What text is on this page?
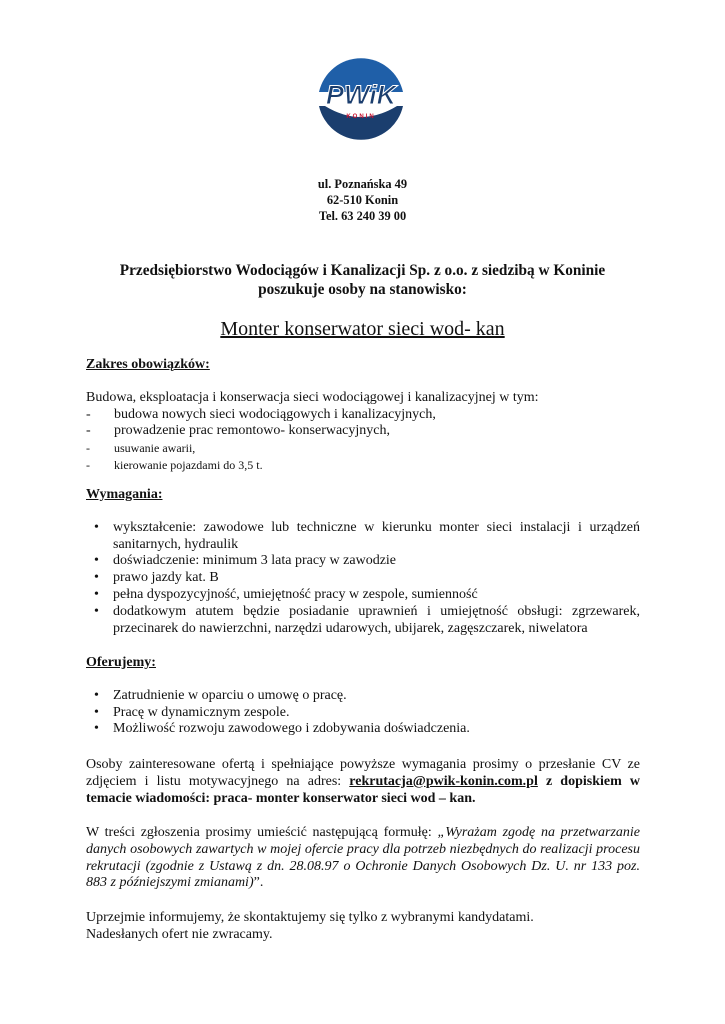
PWiK
KONIN
ul. Poznańska 49
62-510 Konin
Tel. 63 240 39 00
Przedsiębiorstwo Wodociągów i Kanalizacji Sp. z o.o. z siedzibą w Koninie
poszukuje osoby na stanowisko:
Monter konserwator sieci wod- kan
Zakres obowiązków:
Budowa, eksploatacja i konserwacja sieci wodociągowej i kanalizacyjnej w tym:
- budowa nowych sieci wodociągowych i kanalizacyjnych,
- prowadzenie prac remontowo- konserwacyjnych,
- usuwanie awarii,
- kierowanie pojazdami do 3,5 t.
Wymagania:
• wykształcenie: zawodowe lub techniczne w kierunku monter sieci instalacji i urządzeń sanitarnych, hydraulik
• doświadczenie: minimum 3 lata pracy w zawodzie
• prawo jazdy kat. B
• pełna dyspozycyjność, umiejętność pracy w zespole, sumienność
• dodatkowym atutem będzie posiadanie uprawnień i umiejętność obsługi: zgrzewarek, przecinarek do nawierzchni, narzędzi udarowych, ubijarek, zagęszczarek, niwelatora
Oferujemy:
• Zatrudnienie w oparciu o umowę o pracę.
• Pracę w dynamicznym zespole.
• Możliwość rozwoju zawodowego i zdobywania doświadczenia.
Osoby zainteresowane ofertą i spełniające powyższe wymagania prosimy o przesłanie CV ze zdjęciem i listu motywacyjnego na adres: rekrutacja@pwik-konin.com.pl z dopiskiem w temacie wiadomości: praca- monter konserwator sieci wod – kan.
W treści zgłoszenia prosimy umieścić następującą formułę: „Wyrażam zgodę na przetwarzanie danych osobowych zawartych w mojej ofercie pracy dla potrzeb niezbędnych do realizacji procesu rekrutacji (zgodnie z Ustawą z dn. 28.08.97 o Ochronie Danych Osobowych Dz. U. nr 133 poz. 883 z późniejszymi zmianami)”.
Uprzejmie informujemy, że skontaktujemy się tylko z wybranymi kandydatami.
Nadesłanych ofert nie zwracamy.
